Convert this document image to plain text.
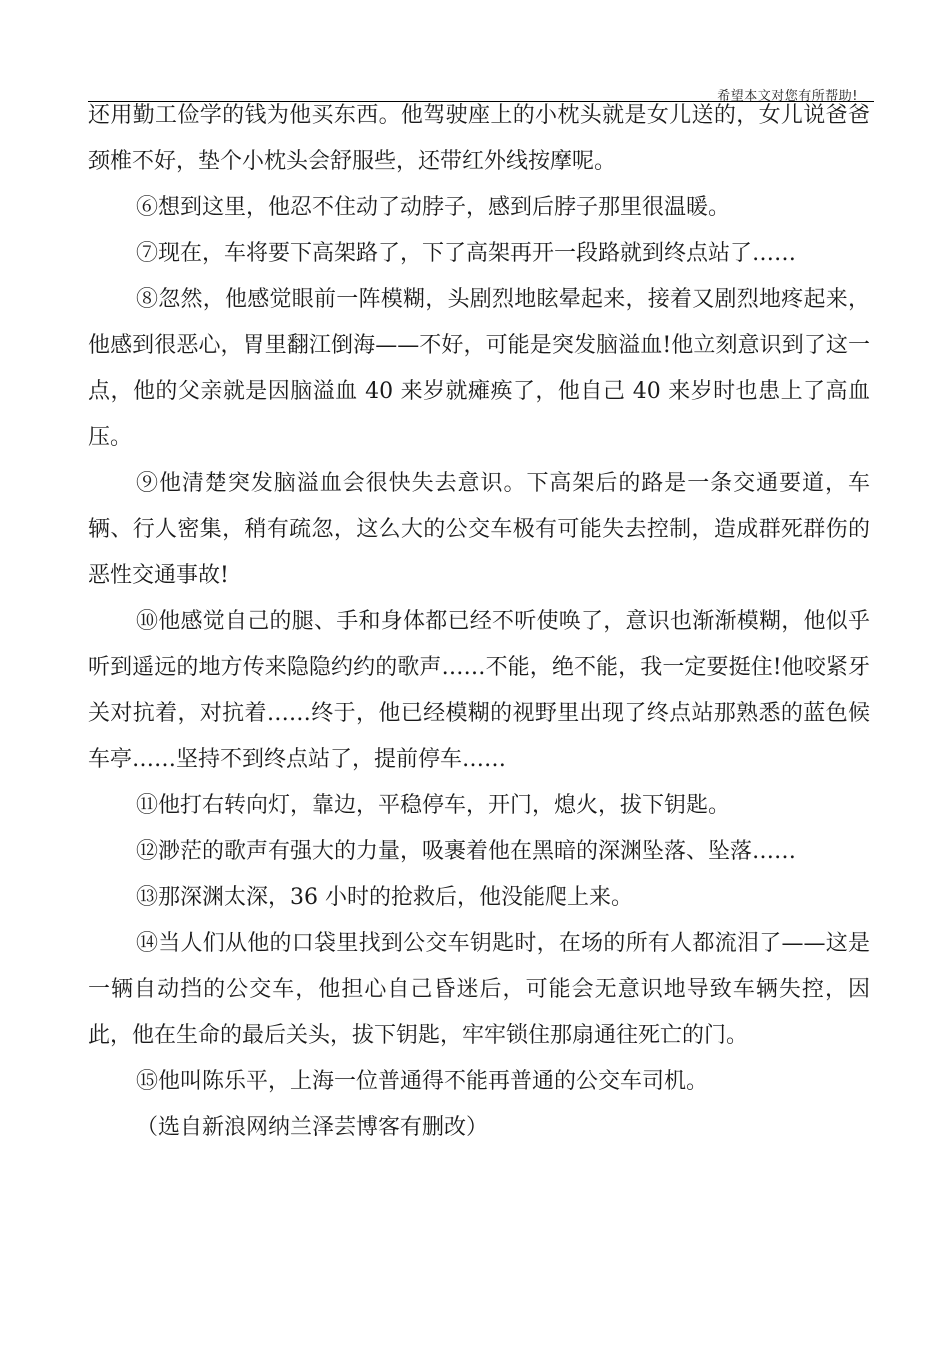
希望本文对您有所帮助!

还用勤工俭学的钱为他买东西。他驾驶座上的小枕头就是女儿送的，女儿说爸爸颈椎不好，垫个小枕头会舒服些，还带红外线按摩呢。

⑥想到这里，他忍不住动了动脖子，感到后脖子那里很温暖。

⑦现在，车将要下高架路了，下了高架再开一段路就到终点站了……

⑧忽然，他感觉眼前一阵模糊，头剧烈地眩晕起来，接着又剧烈地疼起来，他感到很恶心，胃里翻江倒海——不好，可能是突发脑溢血!他立刻意识到了这一点，他的父亲就是因脑溢血 40 来岁就瘫痪了，他自己 40 来岁时也患上了高血压。

⑨他清楚突发脑溢血会很快失去意识。下高架后的路是一条交通要道，车辆、行人密集，稍有疏忽，这么大的公交车极有可能失去控制，造成群死群伤的恶性交通事故!

⑩他感觉自己的腿、手和身体都已经不听使唤了，意识也渐渐模糊，他似乎听到遥远的地方传来隐隐约约的歌声……不能，绝不能，我一定要挺住!他咬紧牙关对抗着，对抗着……终于，他已经模糊的视野里出现了终点站那熟悉的蓝色候车亭……坚持不到终点站了，提前停车……

⑪他打右转向灯，靠边，平稳停车，开门，熄火，拔下钥匙。

⑫渺茫的歌声有强大的力量，吸裹着他在黑暗的深渊坠落、坠落……

⑬那深渊太深，36 小时的抢救后，他没能爬上来。

⑭当人们从他的口袋里找到公交车钥匙时，在场的所有人都流泪了——这是一辆自动挡的公交车，他担心自己昏迷后，可能会无意识地导致车辆失控，因此，他在生命的最后关头，拔下钥匙，牢牢锁住那扇通往死亡的门。

⑮他叫陈乐平，上海一位普通得不能再普通的公交车司机。

（选自新浪网纳兰泽芸博客有删改）
